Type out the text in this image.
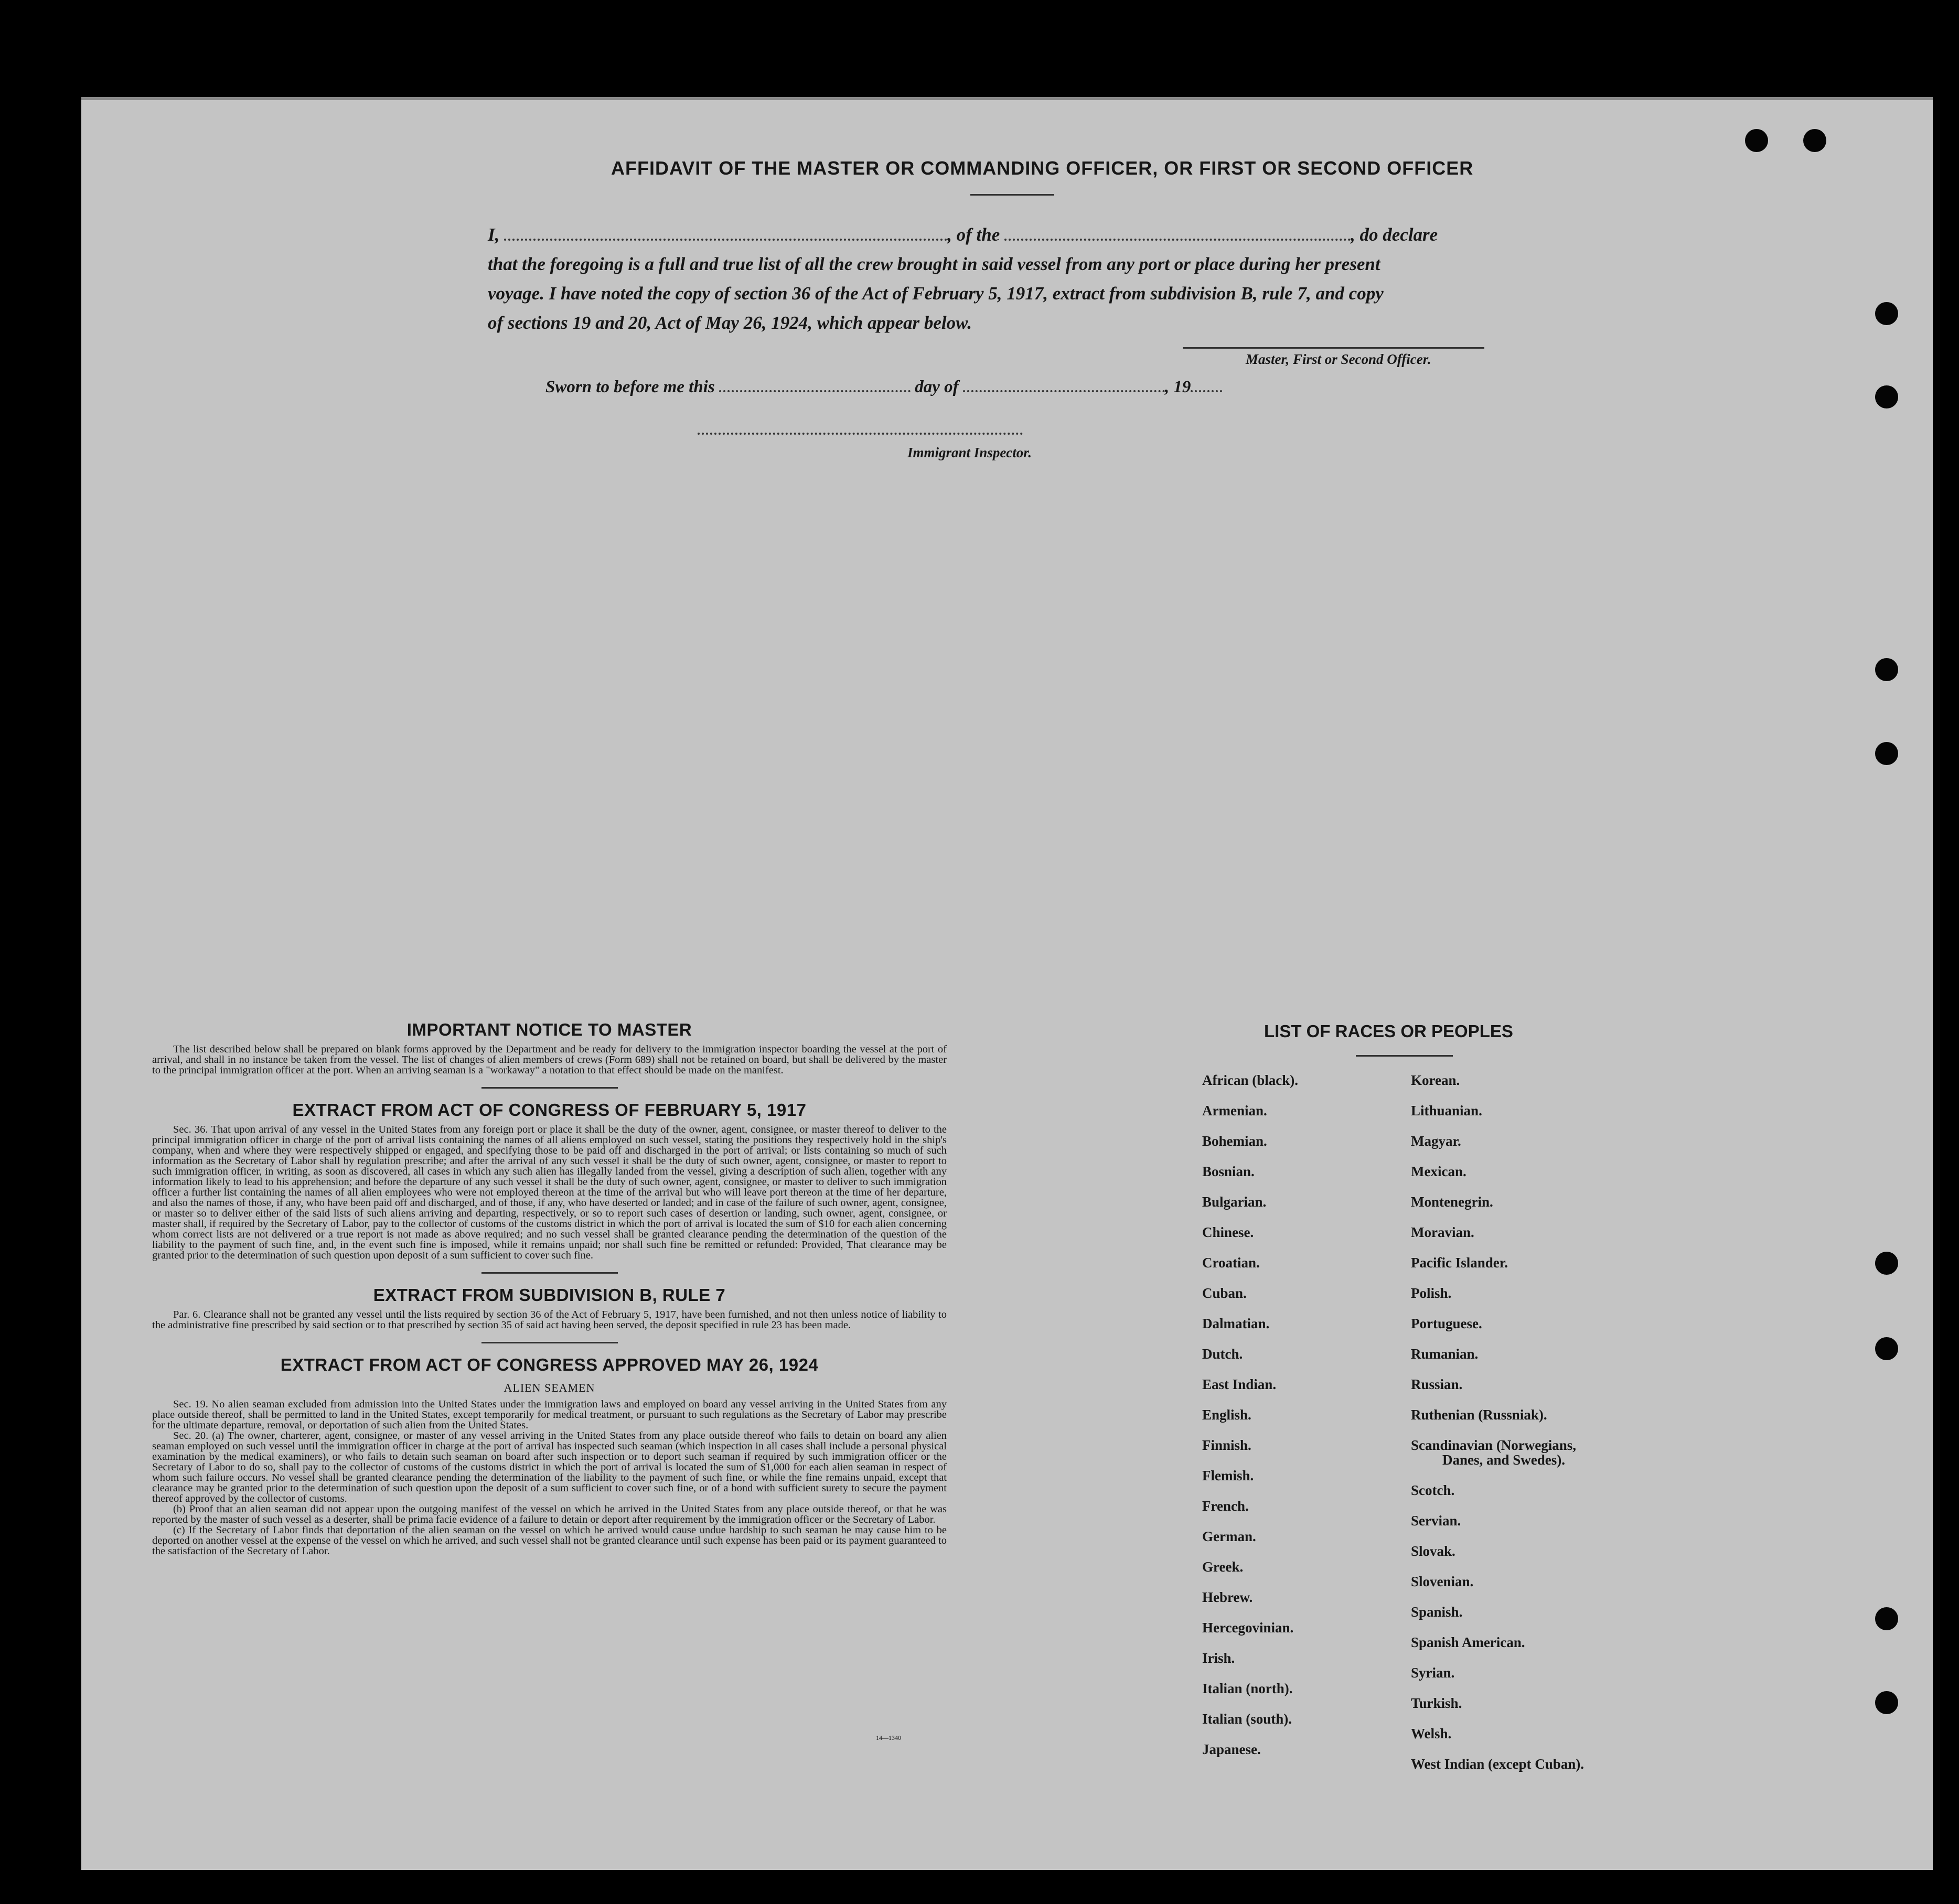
AFFIDAVIT OF THE MASTER OR COMMANDING OFFICER, OR FIRST OR SECOND OFFICER
I,	, of the	, do declare
that the foregoing is a full and true list of all the crew brought in said vessel from any port or place during her present
voyage. I have noted the copy of section 36 of the Act of February 5, 1917, extract from subdivision B, rule 7, and copy
of sections 19 and 20, Act of May 26, 1924, which appear below.
Master, First or Second Officer.
Sworn to before me this	day of	, 19
Immigrant Inspector.
IMPORTANT NOTICE TO MASTER

The list described below shall be prepared on blank forms approved by the Department and be ready for delivery to the immigration inspector boarding the vessel at the port of arrival, and shall in no instance be taken from the vessel. The list of changes of alien members of crews (Form 689) shall not be retained on board, but shall be delivered by the master to the principal immigration officer at the port. When an arriving seaman is a "workaway" a notation to that effect should be made on the manifest.

EXTRACT FROM ACT OF CONGRESS OF FEBRUARY 5, 1917

Sec. 36. That upon arrival of any vessel in the United States from any foreign port or place it shall be the duty of the owner, agent, consignee, or master thereof to deliver to the principal immigration officer in charge of the port of arrival lists containing the names of all aliens employed on such vessel, stating the positions they respectively hold in the ship's company, when and where they were respectively shipped or engaged, and specifying those to be paid off and discharged in the port of arrival; or lists containing so much of such information as the Secretary of Labor shall by regulation prescribe; and after the arrival of any such vessel it shall be the duty of such owner, agent, consignee, or master to report to such immigration officer, in writing, as soon as discovered, all cases in which any such alien has illegally landed from the vessel, giving a description of such alien, together with any information likely to lead to his apprehension; and before the departure of any such vessel it shall be the duty of such owner, agent, consignee, or master to deliver to such immigration officer a further list containing the names of all alien employees who were not employed thereon at the time of the arrival but who will leave port thereon at the time of her departure, and also the names of those, if any, who have been paid off and discharged, and of those, if any, who have deserted or landed; and in case of the failure of such owner, agent, consignee, or master so to deliver either of the said lists of such aliens arriving and departing, respectively, or so to report such cases of desertion or landing, such owner, agent, consignee, or master shall, if required by the Secretary of Labor, pay to the collector of customs of the customs district in which the port of arrival is located the sum of $10 for each alien concerning whom correct lists are not delivered or a true report is not made as above required; and no such vessel shall be granted clearance pending the determination of the question of the liability to the payment of such fine, and, in the event such fine is imposed, while it remains unpaid; nor shall such fine be remitted or refunded: Provided, That clearance may be granted prior to the determination of such question upon deposit of a sum sufficient to cover such fine.

EXTRACT FROM SUBDIVISION B, RULE 7

Par. 6. Clearance shall not be granted any vessel until the lists required by section 36 of the Act of February 5, 1917, have been furnished, and not then unless notice of liability to the administrative fine prescribed by said section or to that prescribed by section 35 of said act having been served, the deposit specified in rule 23 has been made.

EXTRACT FROM ACT OF CONGRESS APPROVED MAY 26, 1924
ALIEN SEAMEN

Sec. 19. No alien seaman excluded from admission into the United States under the immigration laws and employed on board any vessel arriving in the United States from any place outside thereof, shall be permitted to land in the United States, except temporarily for medical treatment, or pursuant to such regulations as the Secretary of Labor may prescribe for the ultimate departure, removal, or deportation of such alien from the United States.

Sec. 20. (a) The owner, charterer, agent, consignee, or master of any vessel arriving in the United States from any place outside thereof who fails to detain on board any alien seaman employed on such vessel until the immigration officer in charge at the port of arrival has inspected such seaman (which inspection in all cases shall include a personal physical examination by the medical examiners), or who fails to detain such seaman on board after such inspection or to deport such seaman if required by such immigration officer or the Secretary of Labor to do so, shall pay to the collector of customs of the customs district in which the port of arrival is located the sum of $1,000 for each alien seaman in respect of whom such failure occurs. No vessel shall be granted clearance pending the determination of the liability to the payment of such fine, or while the fine remains unpaid, except that clearance may be granted prior to the determination of such question upon the deposit of a sum sufficient to cover such fine, or of a bond with sufficient surety to secure the payment thereof approved by the collector of customs.

(b) Proof that an alien seaman did not appear upon the outgoing manifest of the vessel on which he arrived in the United States from any place outside thereof, or that he was reported by the master of such vessel as a deserter, shall be prima facie evidence of a failure to detain or deport after requirement by the immigration officer or the Secretary of Labor.

(c) If the Secretary of Labor finds that deportation of the alien seaman on the vessel on which he arrived would cause undue hardship to such seaman he may cause him to be deported on another vessel at the expense of the vessel on which he arrived, and such vessel shall not be granted clearance until such expense has been paid or its payment guaranteed to the satisfaction of the Secretary of Labor.

14—1340
LIST OF RACES OR PEOPLES
African (black).
Armenian.
Bohemian.
Bosnian.
Bulgarian.
Chinese.
Croatian.
Cuban.
Dalmatian.
Dutch.
East Indian.
English.
Finnish.
Flemish.
French.
German.
Greek.
Hebrew.
Hercegovinian.
Irish.
Italian (north).
Italian (south).
Japanese.
Korean.
Lithuanian.
Magyar.
Mexican.
Montenegrin.
Moravian.
Pacific Islander.
Polish.
Portuguese.
Rumanian.
Russian.
Ruthenian (Russniak).
Scandinavian (Norwegians,
Danes, and Swedes).
Scotch.
Servian.
Slovak.
Slovenian.
Spanish.
Spanish American.
Syrian.
Turkish.
Welsh.
West Indian (except Cuban).
